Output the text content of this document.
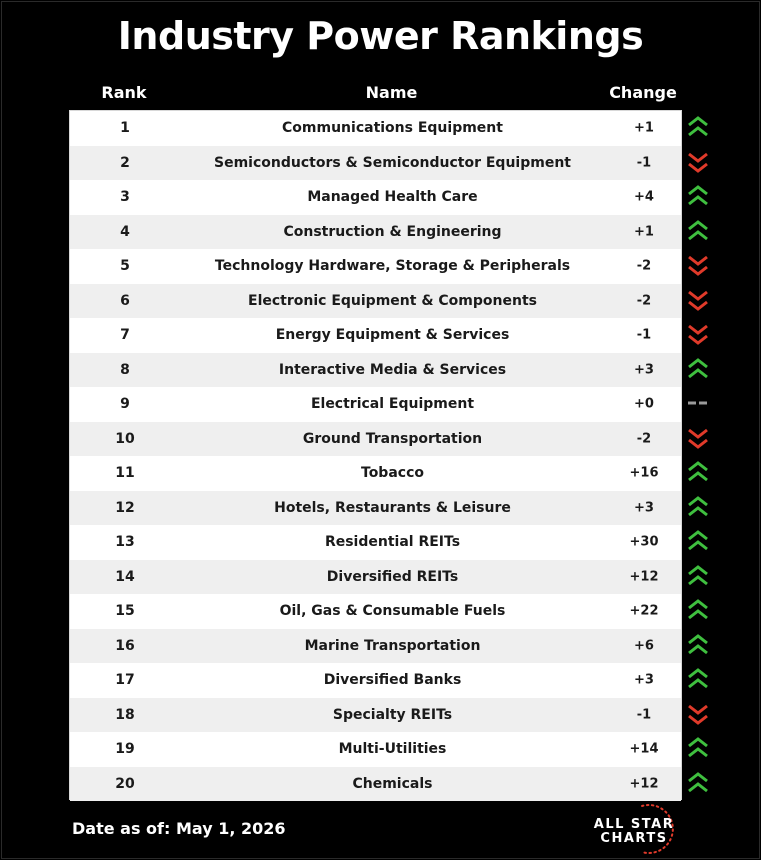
Industry Power Rankings
Rank	Name	Change
1	Communications Equipment	+1
2	Semiconductors & Semiconductor Equipment	-1
3	Managed Health Care	+4
4	Construction & Engineering	+1
5	Technology Hardware, Storage & Peripherals	-2
6	Electronic Equipment & Components	-2
7	Energy Equipment & Services	-1
8	Interactive Media & Services	+3
9	Electrical Equipment	+0
10	Ground Transportation	-2
11	Tobacco	+16
12	Hotels, Restaurants & Leisure	+3
13	Residential REITs	+30
14	Diversified REITs	+12
15	Oil, Gas & Consumable Fuels	+22
16	Marine Transportation	+6
17	Diversified Banks	+3
18	Specialty REITs	-1
19	Multi-Utilities	+14
20	Chemicals	+12
Date as of: May 1, 2026	ALL STAR
CHARTS
